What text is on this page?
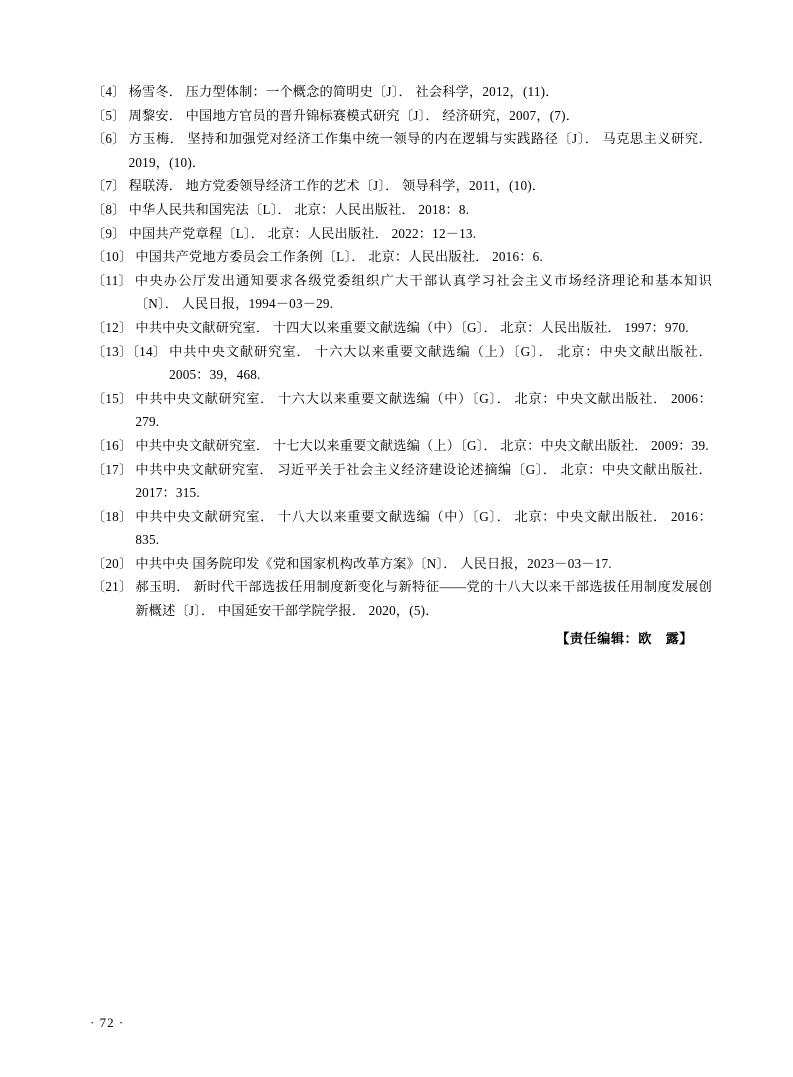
〔4〕 杨雪冬． 压力型体制：一个概念的简明史〔J〕． 社会科学，2012，(11)．
〔5〕 周黎安． 中国地方官员的晋升锦标赛模式研究〔J〕． 经济研究，2007，(7)．
〔6〕 方玉梅． 坚持和加强党对经济工作集中统一领导的内在逻辑与实践路径〔J〕． 马克思主义研究． 2019，(10)．
〔7〕 程联涛． 地方党委领导经济工作的艺术〔J〕． 领导科学，2011，(10)．
〔8〕 中华人民共和国宪法〔L〕． 北京：人民出版社． 2018：8.
〔9〕 中国共产党章程〔L〕． 北京：人民出版社． 2022：12－13.
〔10〕 中国共产党地方委员会工作条例〔L〕． 北京：人民出版社． 2016：6.
〔11〕 中央办公厅发出通知要求各级党委组织广大干部认真学习社会主义市场经济理论和基本知识〔N〕． 人民日报，1994－03－29.
〔12〕 中共中央文献研究室． 十四大以来重要文献选编（中）〔G〕． 北京：人民出版社． 1997：970.
〔13〕〔14〕 中共中央文献研究室． 十六大以来重要文献选编（上）〔G〕． 北京：中央文献出版社． 2005：39，468.
〔15〕 中共中央文献研究室． 十六大以来重要文献选编（中）〔G〕． 北京：中央文献出版社． 2006：279.
〔16〕 中共中央文献研究室． 十七大以来重要文献选编（上）〔G〕． 北京：中央文献出版社． 2009：39.
〔17〕 中共中央文献研究室． 习近平关于社会主义经济建设论述摘编〔G〕． 北京：中央文献出版社． 2017：315.
〔18〕 中共中央文献研究室． 十八大以来重要文献选编（中）〔G〕． 北京：中央文献出版社． 2016：835.
〔20〕 中共中央 国务院印发《党和国家机构改革方案》〔N〕． 人民日报，2023－03－17.
〔21〕 郝玉明． 新时代干部选拔任用制度新变化与新特征——党的十八大以来干部选拔任用制度发展创新概述〔J〕． 中国延安干部学院学报． 2020，(5)．
【责任编辑：欧　露】
· 72 ·
